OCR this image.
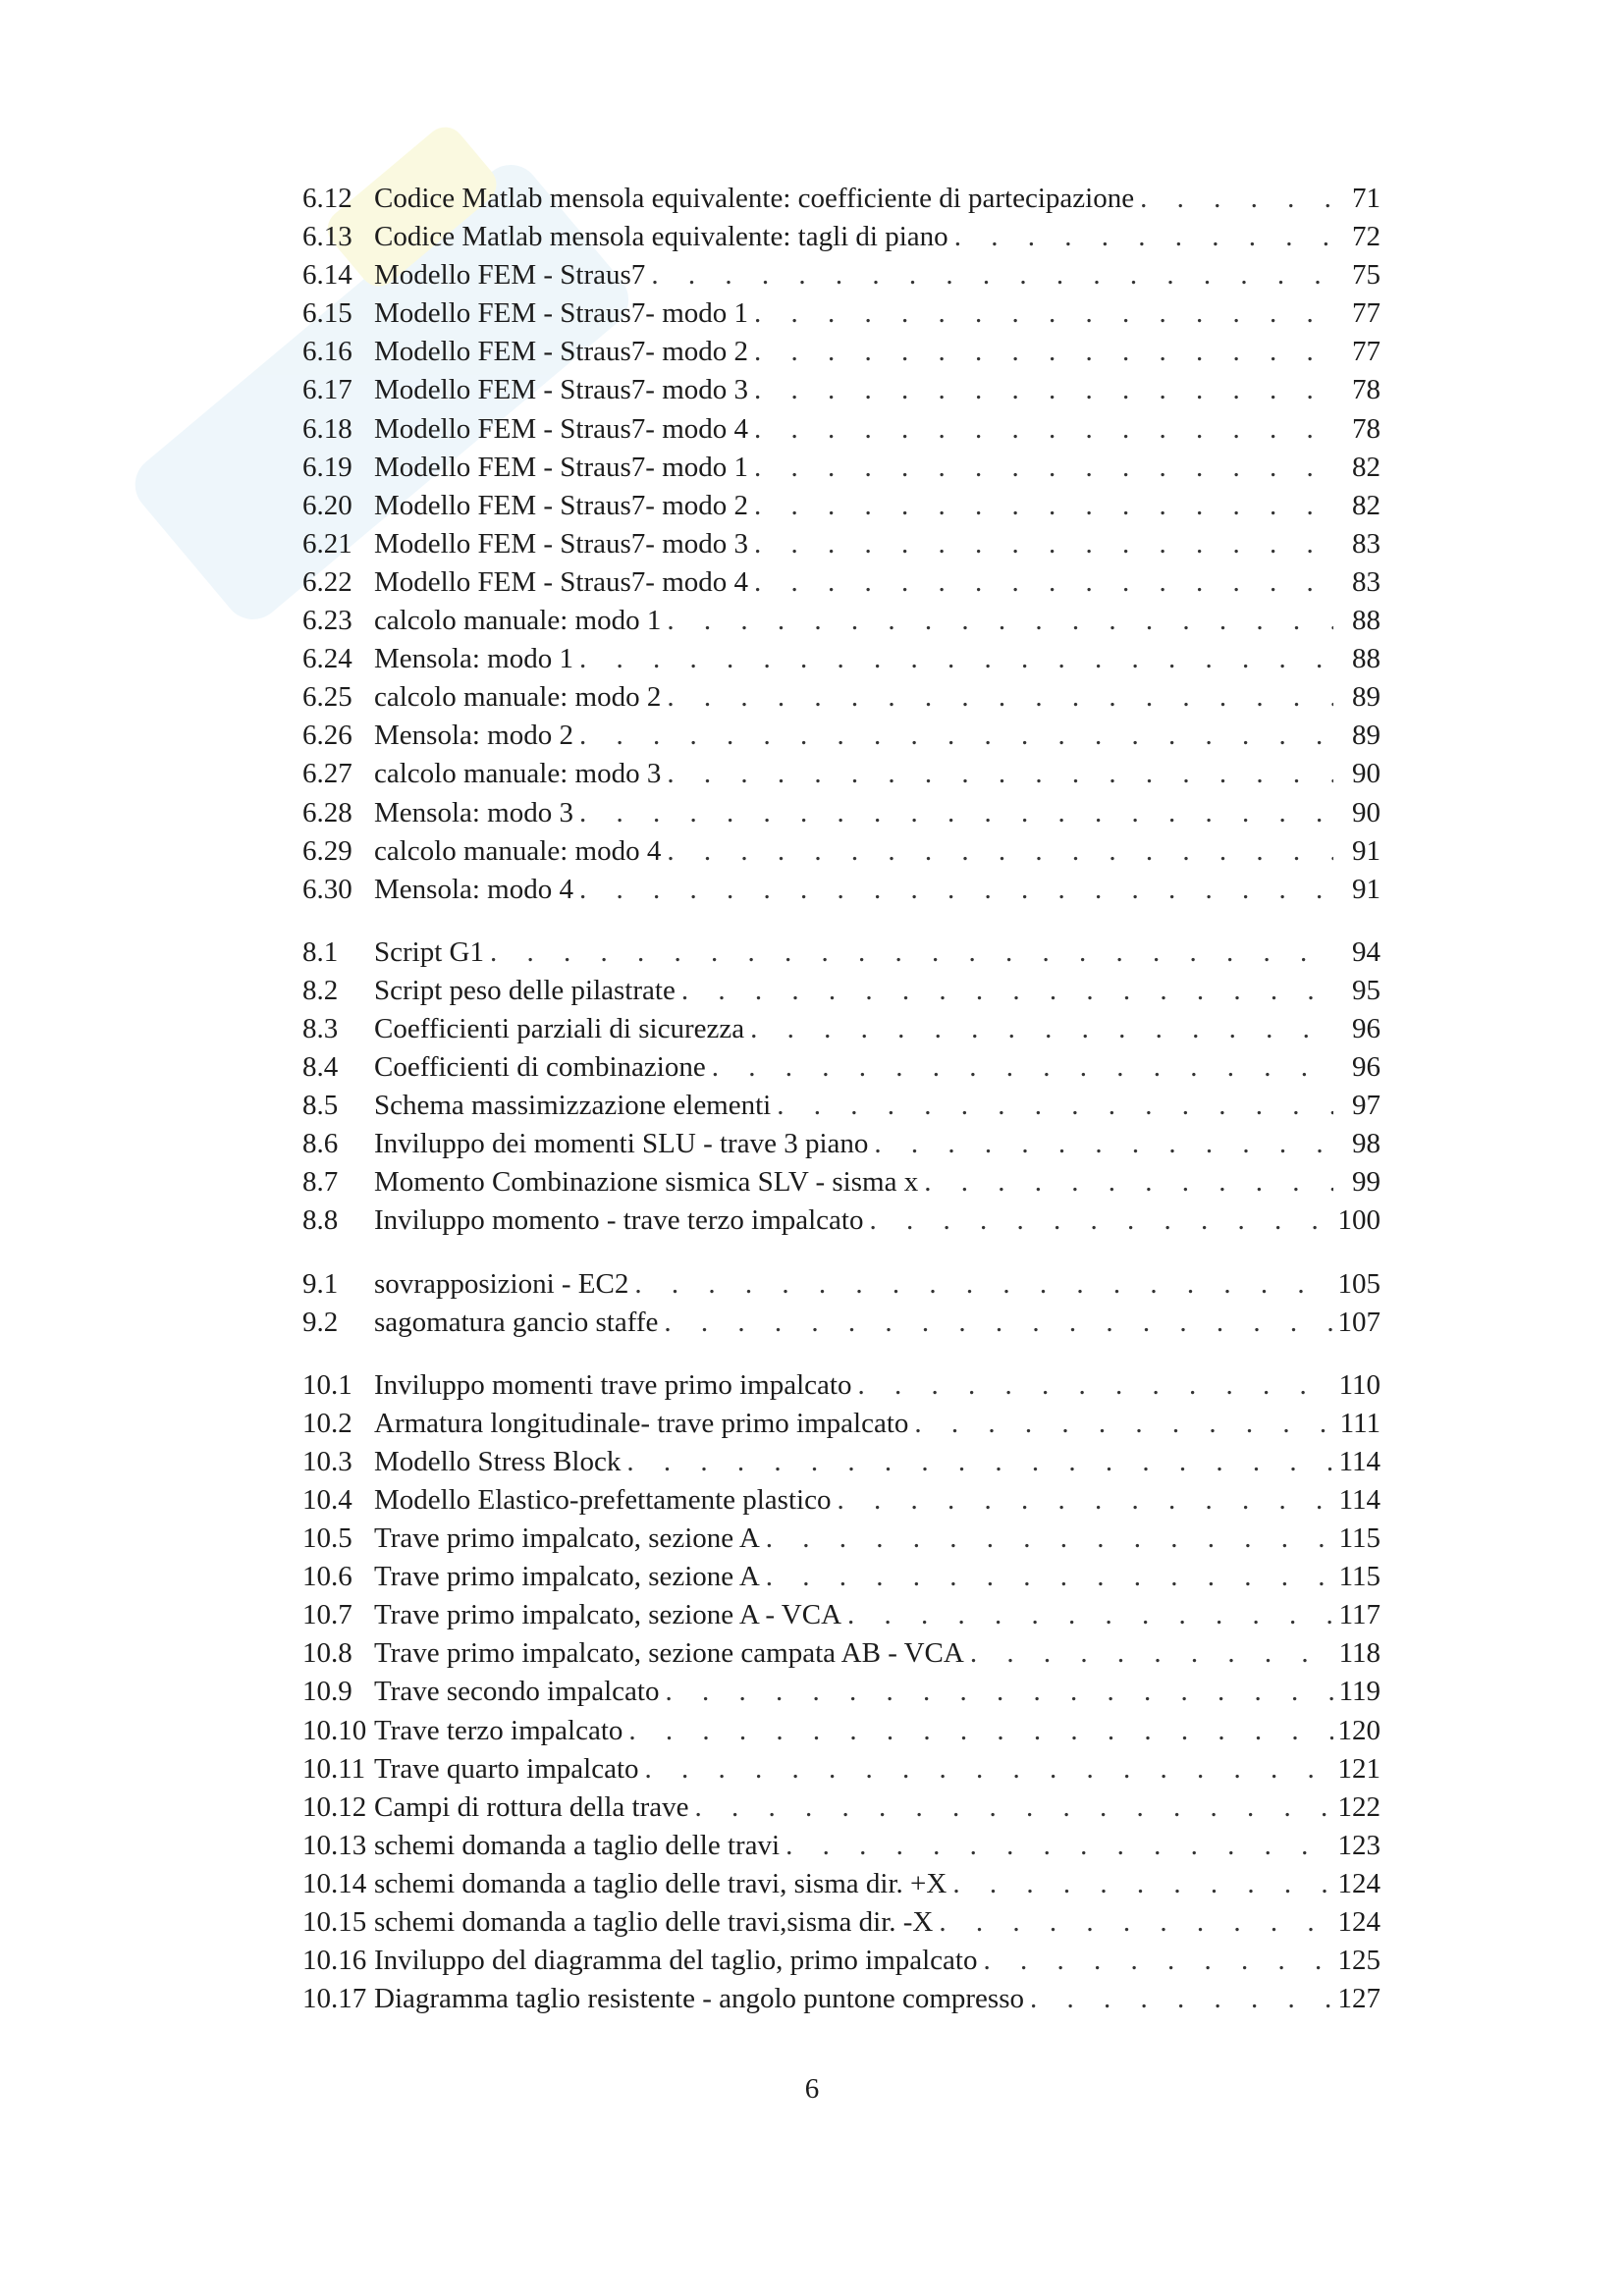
6.12 Codice Matlab mensola equivalente: coefficiente di partecipazione . . .	71
6.13 Codice Matlab mensola equivalente: tagli di piano . . .	72
6.14 Modello FEM - Straus7 . . .	75
6.15 Modello FEM - Straus7- modo 1 . . .	77
6.16 Modello FEM - Straus7- modo 2 . . .	77
6.17 Modello FEM - Straus7- modo 3 . . .	78
6.18 Modello FEM - Straus7- modo 4 . . .	78
6.19 Modello FEM - Straus7- modo 1 . . .	82
6.20 Modello FEM - Straus7- modo 2 . . .	82
6.21 Modello FEM - Straus7- modo 3 . . .	83
6.22 Modello FEM - Straus7- modo 4 . . .	83
6.23 calcolo manuale: modo 1 . . .	88
6.24 Mensola: modo 1 . . .	88
6.25 calcolo manuale: modo 2 . . .	89
6.26 Mensola: modo 2 . . .	89
6.27 calcolo manuale: modo 3 . . .	90
6.28 Mensola: modo 3 . . .	90
6.29 calcolo manuale: modo 4 . . .	91
6.30 Mensola: modo 4 . . .	91
8.1	Script G1 . . .	94
8.2	Script peso delle pilastrate . . .	95
8.3	Coefficienti parziali di sicurezza . . .	96
8.4	Coefficienti di combinazione . . .	96
8.5	Schema massimizzazione elementi . . .	97
8.6	Inviluppo dei momenti SLU - trave 3 piano . . .	98
8.7	Momento Combinazione sismica SLV - sisma x . . .	99
8.8	Inviluppo momento - trave terzo impalcato . . .	100
9.1	sovrapposizioni - EC2 . . .	105
9.2	sagomatura gancio staffe . . .	107
10.1 Inviluppo momenti trave primo impalcato . . .	110
10.2 Armatura longitudinale- trave primo impalcato . . .	111
10.3 Modello Stress Block . . .	114
10.4 Modello Elastico-prefettamente plastico . . .	114
10.5 Trave primo impalcato, sezione A . . .	115
10.6 Trave primo impalcato, sezione A . . .	115
10.7 Trave primo impalcato, sezione A - VCA . . .	117
10.8 Trave primo impalcato, sezione campata AB - VCA . . .	118
10.9 Trave secondo impalcato . . .	119
10.10 Trave terzo impalcato . . .	120
10.11 Trave quarto impalcato . . .	121
10.12 Campi di rottura della trave . . .	122
10.13 schemi domanda a taglio delle travi . . .	123
10.14 schemi domanda a taglio delle travi, sisma dir. +X . . .	124
10.15 schemi domanda a taglio delle travi,sisma dir. -X . . .	124
10.16 Inviluppo del diagramma del taglio, primo impalcato . . .	125
10.17 Diagramma taglio resistente - angolo puntone compresso . . .	127
6
